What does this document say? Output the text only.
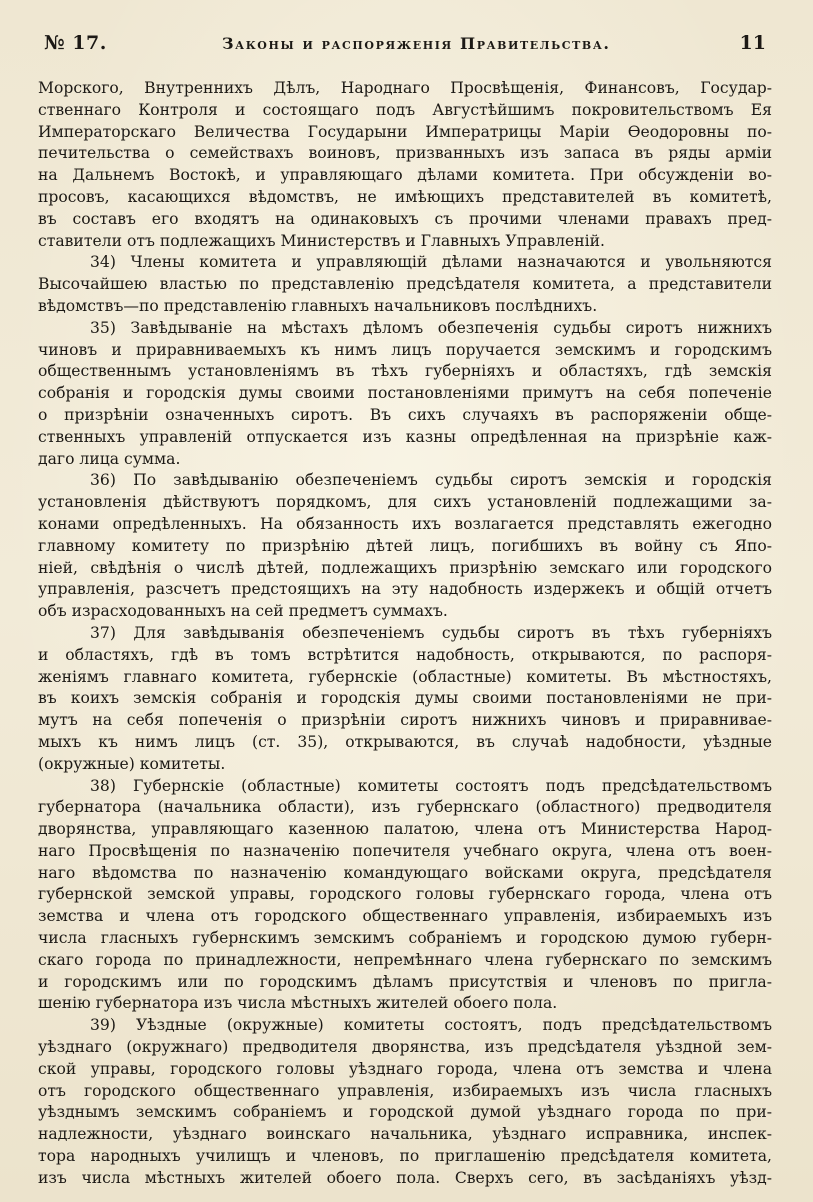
№ 17.	Законы и распоряженія Правительства.	11
Морского, Внутреннихъ Дѣлъ, Народнаго Просвѣщенія, Финансовъ, Государ-
ственнаго Контроля и состоящаго подъ Августѣйшимъ покровительствомъ Ея
Императорскаго Величества Государыни Императрицы Маріи Ѳеодоровны по-
печительства о семействахъ воиновъ, призванныхъ изъ запаса въ ряды арміи
на Дальнемъ Востокѣ, и управляющаго дѣлами комитета. При обсужденіи во-
просовъ, касающихся вѣдомствъ, не имѣющихъ представителей въ комитетѣ,
въ составъ его входятъ на одинаковыхъ съ прочими членами правахъ пред-
ставители отъ подлежащихъ Министерствъ и Главныхъ Управленій.
34) Члены комитета и управляющій дѣлами назначаются и увольняются
Высочайшею властью по представленію предсѣдателя комитета, а представители
вѣдомствъ—по представленію главныхъ начальниковъ послѣднихъ.
35) Завѣдываніе на мѣстахъ дѣломъ обезпеченія судьбы сиротъ нижнихъ
чиновъ и приравниваемыхъ къ нимъ лицъ поручается земскимъ и городскимъ
общественнымъ установленіямъ въ тѣхъ губерніяхъ и областяхъ, гдѣ земскія
собранія и городскія думы своими постановленіями примутъ на себя попеченіе
о призрѣніи означенныхъ сиротъ. Въ сихъ случаяхъ въ распоряженіи обще-
ственныхъ управленій отпускается изъ казны опредѣленная на призрѣніе каж-
даго лица сумма.
36) По завѣдыванію обезпеченіемъ судьбы сиротъ земскія и городскія
установленія дѣйствуютъ порядкомъ, для сихъ установленій подлежащими за-
конами опредѣленныхъ. На обязанность ихъ возлагается представлять ежегодно
главному комитету по призрѣнію дѣтей лицъ, погибшихъ въ войну съ Япо-
ніей, свѣдѣнія о числѣ дѣтей, подлежащихъ призрѣнію земскаго или городского
управленія, разсчетъ предстоящихъ на эту надобность издержекъ и общій отчетъ
объ израсходованныхъ на сей предметъ суммахъ.
37) Для завѣдыванія обезпеченіемъ судьбы сиротъ въ тѣхъ губерніяхъ
и областяхъ, гдѣ въ томъ встрѣтится надобность, открываются, по распоря-
женіямъ главнаго комитета, губернскіе (областные) комитеты. Въ мѣстностяхъ,
въ коихъ земскія собранія и городскія думы своими постановленіями не при-
мутъ на себя попеченія о призрѣніи сиротъ нижнихъ чиновъ и приравнивае-
мыхъ къ нимъ лицъ (ст. 35), открываются, въ случаѣ надобности, уѣздные
(окружные) комитеты.
38) Губернскіе (областные) комитеты состоятъ подъ предсѣдательствомъ
губернатора (начальника области), изъ губернскаго (областного) предводителя
дворянства, управляющаго казенною палатою, члена отъ Министерства Народ-
наго Просвѣщенія по назначенію попечителя учебнаго округа, члена отъ воен-
наго вѣдомства по назначенію командующаго войсками округа, предсѣдателя
губернской земской управы, городского головы губернскаго города, члена отъ
земства и члена отъ городского общественнаго управленія, избираемыхъ изъ
числа гласныхъ губернскимъ земскимъ собраніемъ и городскою думою губерн-
скаго города по принадлежности, непремѣннаго члена губернскаго по земскимъ
и городскимъ или по городскимъ дѣламъ присутствія и членовъ по пригла-
шенію губернатора изъ числа мѣстныхъ жителей обоего пола.
39) Уѣздные (окружные) комитеты состоятъ, подъ предсѣдательствомъ
уѣзднаго (окружнаго) предводителя дворянства, изъ предсѣдателя уѣздной зем-
ской управы, городского головы уѣзднаго города, члена отъ земства и члена
отъ городского общественнаго управленія, избираемыхъ изъ числа гласныхъ
уѣзднымъ земскимъ собраніемъ и городской думой уѣзднаго города по при-
надлежности, уѣзднаго воинскаго начальника, уѣзднаго исправника, инспек-
тора народныхъ училищъ и членовъ, по приглашенію предсѣдателя комитета,
изъ числа мѣстныхъ жителей обоего пола. Сверхъ сего, въ засѣданіяхъ уѣзд-
